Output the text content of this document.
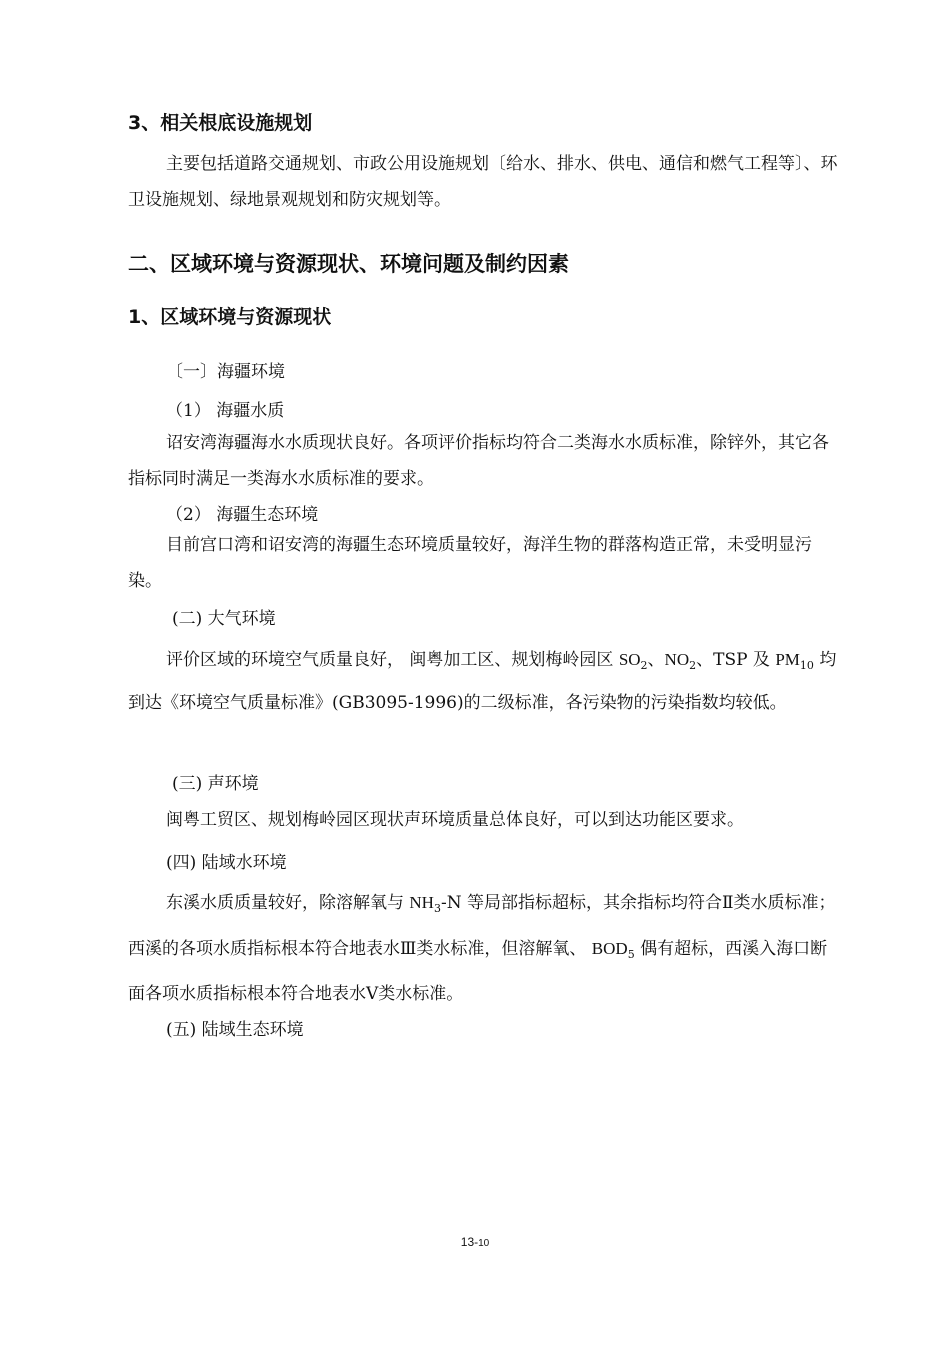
3、相关根底设施规划

主要包括道路交通规划、市政公用设施规划〔给水、排水、供电、通信和燃气工程等〕、环卫设施规划、绿地景观规划和防灾规划等。

二、区域环境与资源现状、环境问题及制约因素
1、区域环境与资源现状
〔一〕海疆环境
（1） 海疆水质

诏安湾海疆海水水质现状良好。各项评价指标均符合二类海水水质标准，除锌外，其它各指标同时满足一类海水水质标准的要求。

（2） 海疆生态环境

目前宫口湾和诏安湾的海疆生态环境质量较好，海洋生物的群落构造正常，未受明显污染。

(二) 大气环境

评价区域的环境空气质量良好， 闽粤加工区、规划梅岭园区 $SO_2$、$NO_2$、TSP 及 $PM_{10}$ 均到达《环境空气质量标准》(GB3095-1996)的二级标准，各污染物的污染指数均较低。

(三) 声环境

闽粤工贸区、规划梅岭园区现状声环境质量总体良好，可以到达功能区要求。

(四) 陆域水环境

东溪水质质量较好，除溶解氧与 $NH_3-N$ 等局部指标超标，其余指标均符合Ⅱ类水质标准；西溪的各项水质指标根本符合地表水Ⅲ类水标准，但溶解氧、 $BOD_5$ 偶有超标，西溪入海口断面各项水质指标根本符合地表水Ⅴ类水标准。

(五) 陆域生态环境
13-10
